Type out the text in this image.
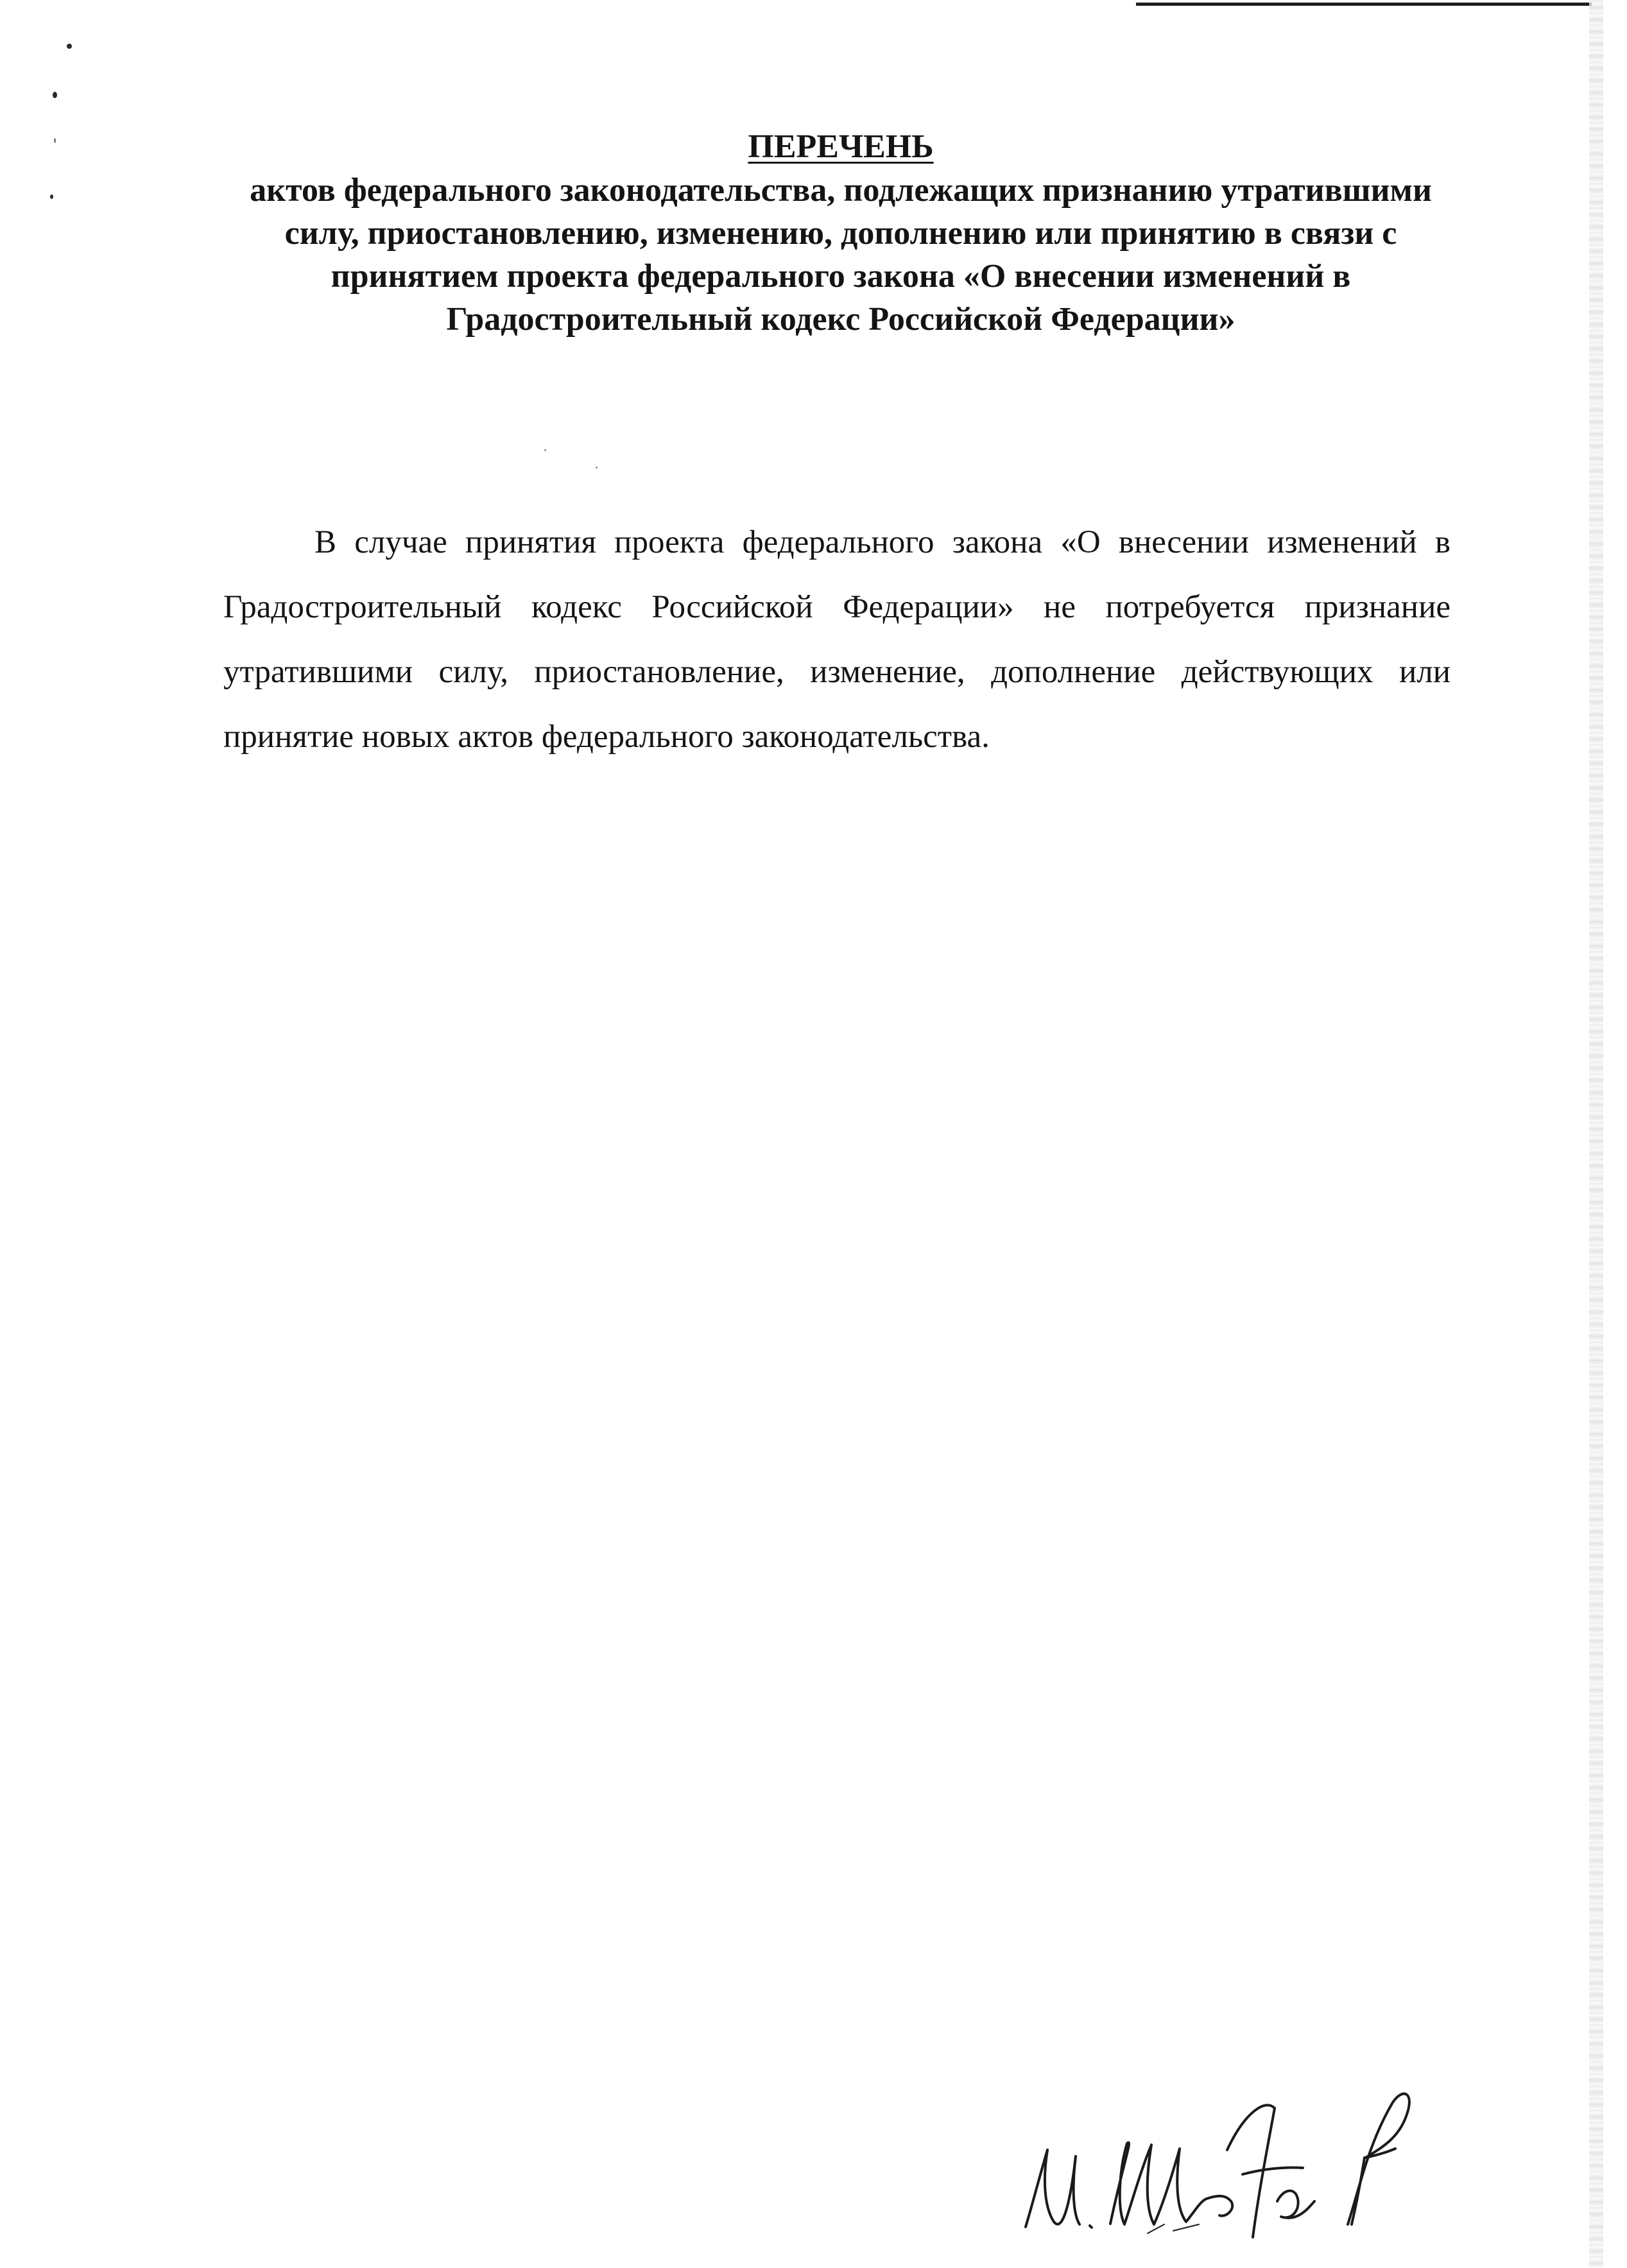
ПЕРЕЧЕНЬ

актов федерального законодательства, подлежащих признанию утратившими силу, приостановлению, изменению, дополнению или принятию в связи с принятием проекта федерального закона «О внесении изменений в Градостроительный кодекс Российской Федерации»

В случае принятия проекта федерального закона «О внесении изменений в Градостроительный кодекс Российской Федерации» не потребуется признание утратившими силу, приостановление, изменение, дополнение действующих или принятие новых актов федерального законодательства.
